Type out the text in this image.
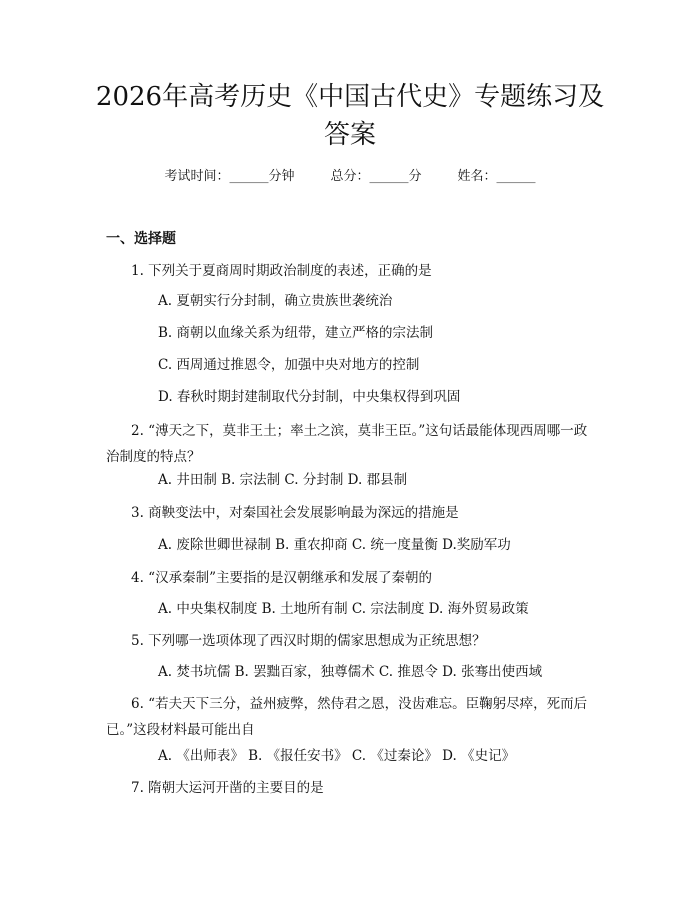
2026年高考历史《中国古代史》专题练习及
答案
考试时间：______分钟	总分：______分	姓名：______
一、选择题
1. 下列关于夏商周时期政治制度的表述，正确的是
A. 夏朝实行分封制，确立贵族世袭统治
B. 商朝以血缘关系为纽带，建立严格的宗法制
C. 西周通过推恩令，加强中央对地方的控制
D. 春秋时期封建制取代分封制，中央集权得到巩固
2. “溥天之下，莫非王土；率土之滨，莫非王臣。”这句话最能体现西周哪一政治制度的特点？
A. 井田制 B. 宗法制 C. 分封制 D. 郡县制
3. 商鞅变法中，对秦国社会发展影响最为深远的措施是
A. 废除世卿世禄制 B. 重农抑商 C. 统一度量衡 D.奖励军功
4. “汉承秦制”主要指的是汉朝继承和发展了秦朝的
A. 中央集权制度 B. 土地所有制 C. 宗法制度 D. 海外贸易政策
5. 下列哪一选项体现了西汉时期的儒家思想成为正统思想？
A. 焚书坑儒 B. 罢黜百家，独尊儒术 C. 推恩令 D. 张骞出使西域
6. “若夫天下三分，益州疲弊，然侍君之恩，没齿难忘。臣鞠躬尽瘁，死而后已。”这段材料最可能出自
A. 《出师表》 B. 《报任安书》 C. 《过秦论》 D. 《史记》
7. 隋朝大运河开凿的主要目的是
